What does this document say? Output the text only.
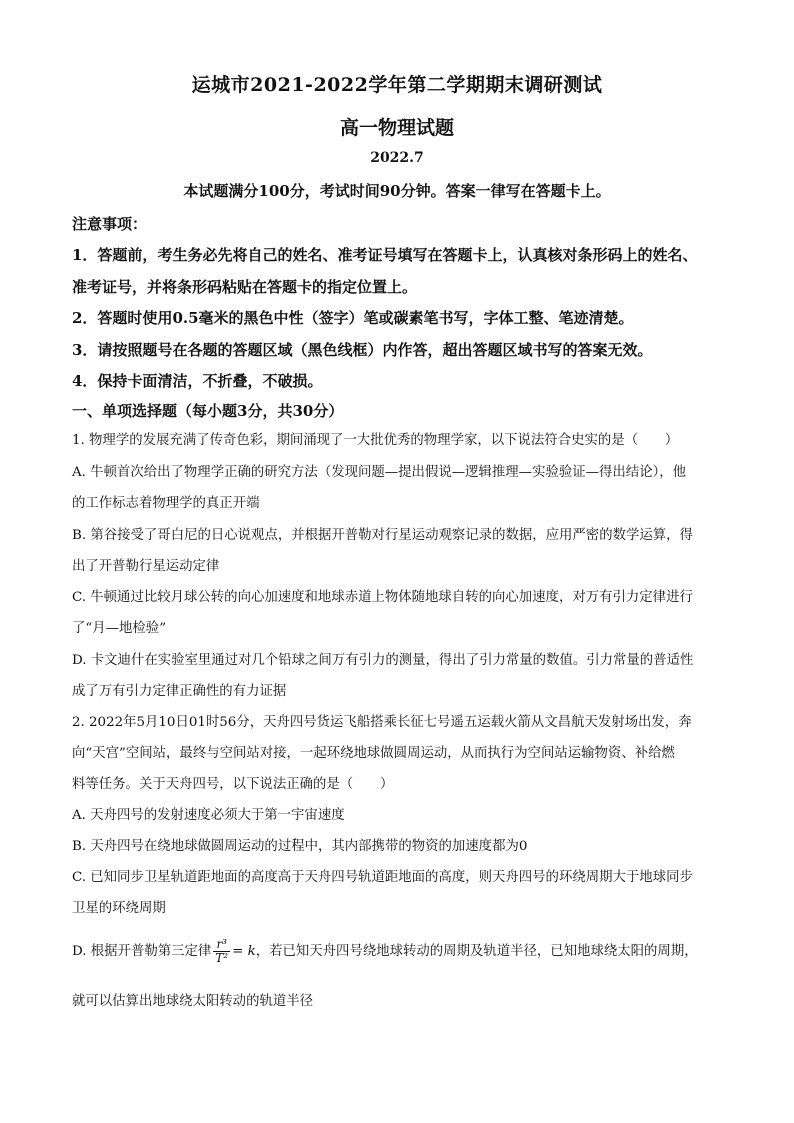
运城市2021-2022学年第二学期期末调研测试
高一物理试题
2022.7
本试题满分100分，考试时间90分钟。答案一律写在答题卡上。
注意事项：
1．答题前，考生务必先将自己的姓名、准考证号填写在答题卡上，认真核对条形码上的姓名、
准考证号，并将条形码粘贴在答题卡的指定位置上。
2．答题时使用0.5毫米的黑色中性（签字）笔或碳素笔书写，字体工整、笔迹清楚。
3．请按照题号在各题的答题区域（黑色线框）内作答，超出答题区域书写的答案无效。
4．保持卡面清洁，不折叠，不破损。
一、单项选择题（每小题3分，共30分）
1. 物理学的发展充满了传奇色彩，期间涌现了一大批优秀的物理学家，以下说法符合史实的是（　　）
A. 牛顿首次给出了物理学正确的研究方法（发现问题—提出假说—逻辑推理—实验验证—得出结论），他
的工作标志着物理学的真正开端
B. 第谷接受了哥白尼的日心说观点，并根据开普勒对行星运动观察记录的数据，应用严密的数学运算，得
出了开普勒行星运动定律
C. 牛顿通过比较月球公转的向心加速度和地球赤道上物体随地球自转的向心加速度，对万有引力定律进行
了“月—地检验”
D. 卡文迪什在实验室里通过对几个铅球之间万有引力的测量，得出了引力常量的数值。引力常量的普适性
成了万有引力定律正确性的有力证据
2. 2022年5月10日01时56分，天舟四号货运飞船搭乘长征七号遥五运载火箭从文昌航天发射场出发，奔
向“天宫”空间站，最终与空间站对接，一起环绕地球做圆周运动，从而执行为空间站运输物资、补给燃
料等任务。关于天舟四号，以下说法正确的是（　　）
A. 天舟四号的发射速度必须大于第一宇宙速度
B. 天舟四号在绕地球做圆周运动的过程中，其内部携带的物资的加速度都为0
C. 已知同步卫星轨道距地面的高度高于天舟四号轨道距地面的高度，则天舟四号的环绕周期大于地球同步
卫星的环绕周期
D. 根据开普勒第三定律 $\frac{\text{r³}}{\text{T²}} = k$，若已知天舟四号绕地球转动的周期及轨道半径，已知地球绕太阳的周期，
就可以估算出地球绕太阳转动的轨道半径
